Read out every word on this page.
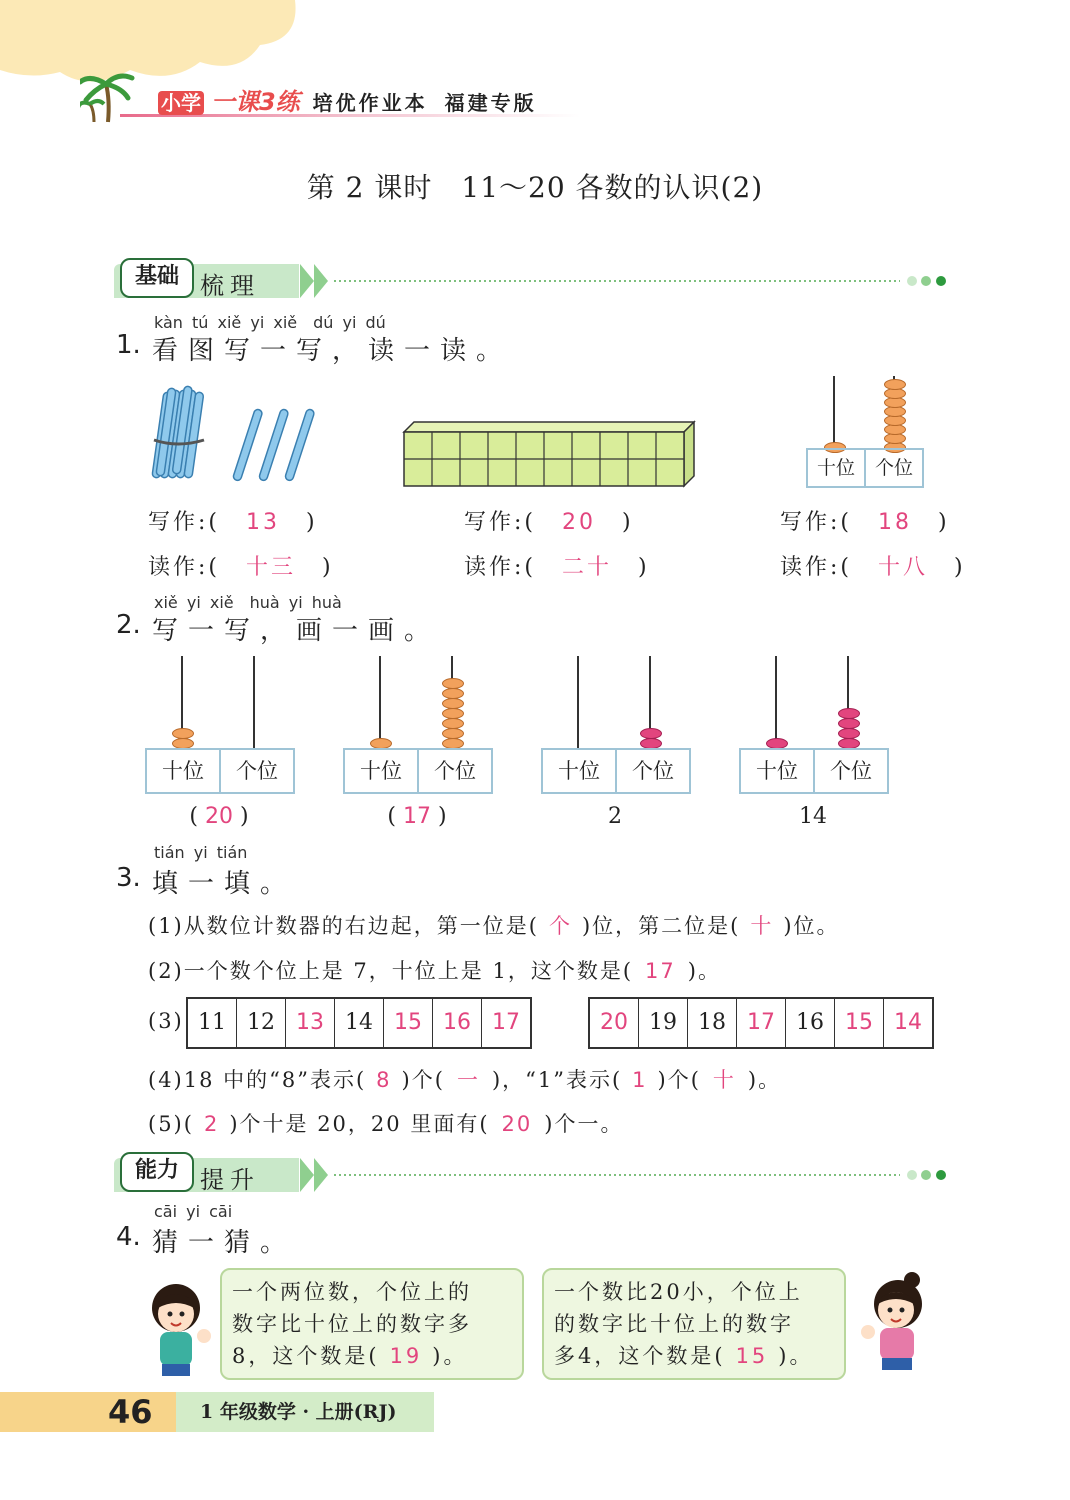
小学 一课3练 培优作业本 福建专版
第 2 课时　11～20 各数的认识(2)
基础 梳理
kàn tú xiě yi xiě　dú yi dú
1. 看图写一写，读一读。
十位	个位
写作:( 13 )
读作:( 十三 )
写作:( 20 )
读作:( 二十 )
写作:( 18 )
读作:( 十八 )
xiě yi xiě　huà yi huà
2. 写一写，画一画。
十位	个位
( 20 )
十位	个位
( 17 )
十位	个位
2
十位	个位
14
tián yi tián
3. 填一填。
(1)从数位计数器的右边起，第一位是( 个 )位，第二位是( 十 )位。
(2)一个数个位上是 7，十位上是 1，这个数是( 17 )。
(3) 11 12 13 14 15 16 17	20 19 18 17 16 15 14
(4)18 中的“8”表示( 8 )个( 一 )，“1”表示( 1 )个( 十 )。
(5)( 2 )个十是 20，20 里面有( 20 )个一。
能力 提升
cāi yi cāi
4. 猜一猜。
一个两位数，个位上的
数字比十位上的数字多
8，这个数是( 19 )。
一个数比20小，个位上
的数字比十位上的数字
多4，这个数是( 15 )。
46	1 年级数学 · 上册(RJ)
